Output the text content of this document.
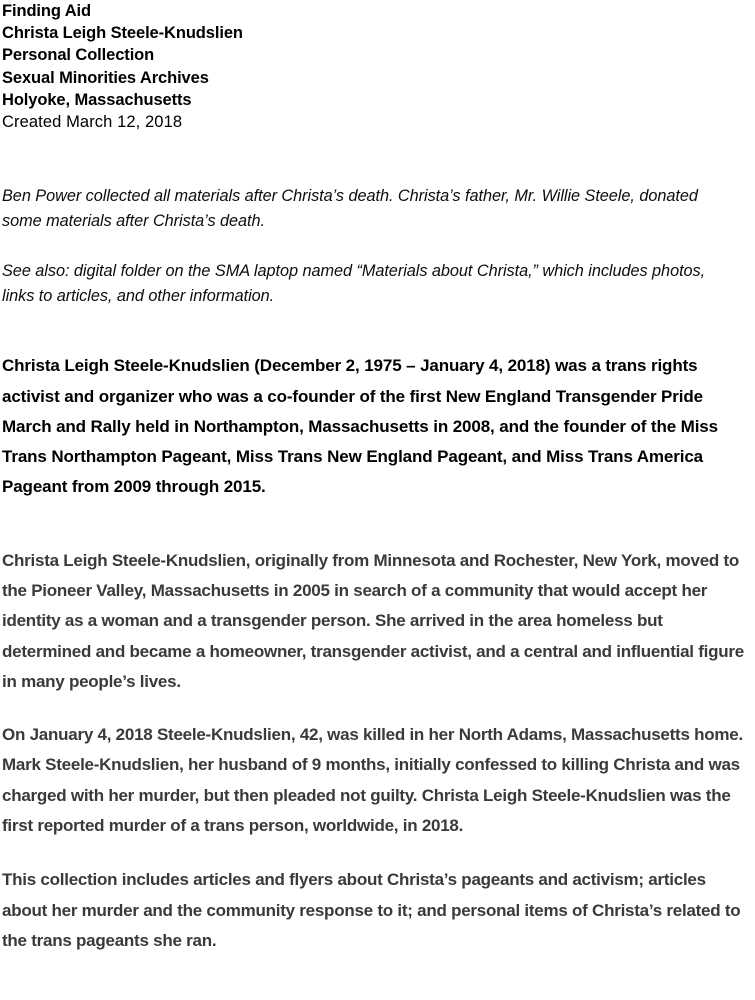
Finding Aid
Christa Leigh Steele-Knudslien
Personal Collection
Sexual Minorities Archives
Holyoke, Massachusetts
Created March 12, 2018
Ben Power collected all materials after Christa’s death. Christa’s father, Mr. Willie Steele, donated some materials after Christa’s death.
See also: digital folder on the SMA laptop named “Materials about Christa,” which includes photos, links to articles, and other information.
Christa Leigh Steele-Knudslien (December 2, 1975 – January 4, 2018) was a trans rights activist and organizer who was a co-founder of the first New England Transgender Pride March and Rally held in Northampton, Massachusetts in 2008, and the founder of the Miss Trans Northampton Pageant, Miss Trans New England Pageant, and Miss Trans America Pageant from 2009 through 2015.
Christa Leigh Steele-Knudslien, originally from Minnesota and Rochester, New York, moved to the Pioneer Valley, Massachusetts in 2005 in search of a community that would accept her identity as a woman and a transgender person. She arrived in the area homeless but determined and became a homeowner, transgender activist, and a central and influential figure in many people’s lives.
On January 4, 2018 Steele-Knudslien, 42, was killed in her North Adams, Massachusetts home. Mark Steele-Knudslien, her husband of 9 months, initially confessed to killing Christa and was charged with her murder, but then pleaded not guilty. Christa Leigh Steele-Knudslien was the first reported murder of a trans person, worldwide, in 2018.
This collection includes articles and flyers about Christa’s pageants and activism; articles about her murder and the community response to it; and personal items of Christa’s related to the trans pageants she ran.
